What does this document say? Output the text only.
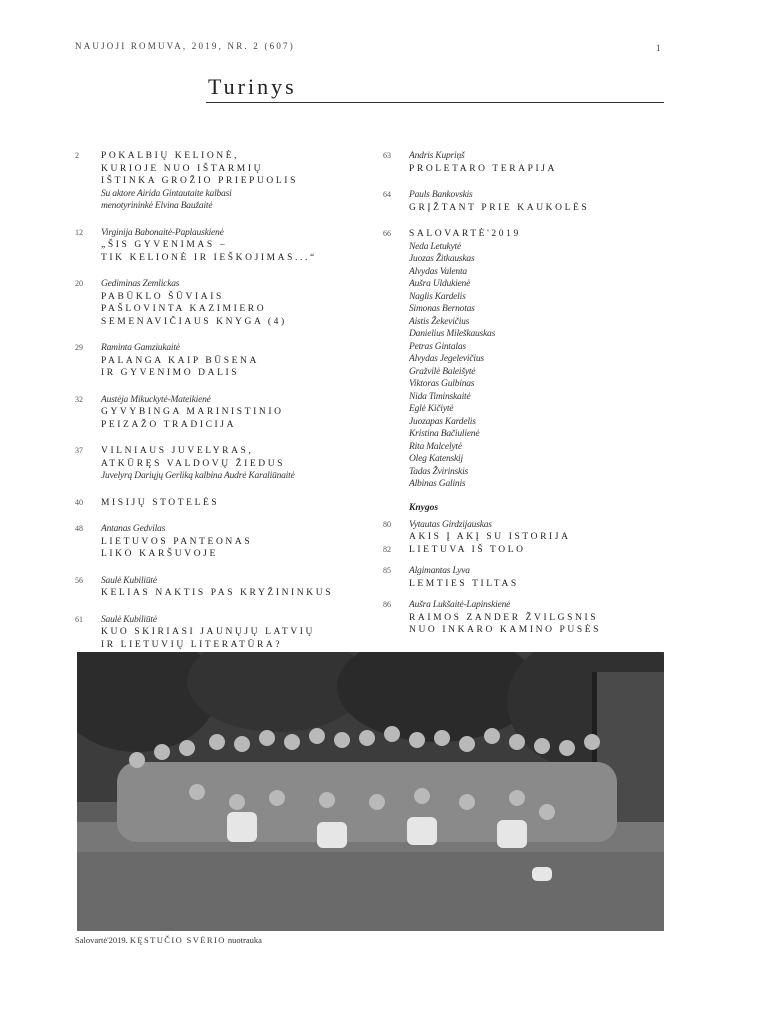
NAUJOJI ROMUVA, 2019, NR. 2 (607)	1
Turinys
2 POKALBIŲ KELIONĖ,
KURIOJE NUO IŠTARMIŲ
IŠTINKA GROŽIO PRIEPUOLIS
Su aktore Airida Gintautaite kalbasi
menotyrininkė Elvina Baužaitė
12 Virginija Babonaitė-Paplauskienė
„ŠIS GYVENIMAS –
TIK KELIONĖ IR IEŠKOJIMAS...“
20 Gediminas Zemlickas
PABŪKLO ŠŪVIAIS
PAŠLOVINTA KAZIMIERO
SEMENAVIČIAUS KNYGA (4)
29 Raminta Gamziukaitė
PALANGA KAIP BŪSENA
IR GYVENIMO DALIS
32 Austėja Mikuckytė-Mateikienė
GYVYBINGA MARINISTINIO
PEIZAŽO TRADICIJA
37 VILNIAUS JUVELYRAS,
ATKŪRĘS VALDOVŲ ŽIEDUS
Juvelyrą Dariųjų Gerliką kalbina Audrė Karaliūnaitė
40 MISIJŲ STOTELĖS
48 Antanas Gedvilas
LIETUVOS PANTEONAS
LIKO KARŠUVOJE
56 Saulė Kubiliūtė
KELIAS NAKTIS PAS KRYŽININKUS
61 Saulė Kubiliūtė
KUO SKIRIASI JAUNŲJŲ LATVIŲ
IR LIETUVIŲ LITERATŪRA?
63 Andris Kupriņš
PROLETARO TERAPIJA
64 Pauls Bankovskis
GRĮŽTANT PRIE KAUKOLĖS
66 SALOVARTĖ'2019
Neda Letukytė
Juozas Žitkauskas
Alvydas Valenta
Aušra Uldukienė
Naglis Kardelis
Simonas Bernotas
Aistis Žekevičius
Danielius Mileškauskas
Petras Gintalas
Alvydas Jegelevičius
Gražvilė Baleišytė
Viktoras Gulbinas
Nida Timinskaitė
Eglė Kičiytė
Juozapas Kardelis
Kristina Bačiulienė
Rita Malcelytė
Oleg Katenskij
Tadas Žvirinskis
Albinas Galinis
Knygos
80 Vytautas Girdzijauskas
AKIS Į AKĮ SU ISTORIJA
82 LIETUVA IŠ TOLO
85 Algimantas Lyva
LEMTIES TILTAS
86 Aušra Lukšaitė-Lapinskienė
RAIMOS ZANDER ŽVILGSNIS
NUO INKARO KAMINO PUSĖS
Salovartė'2019. KĘSTUČIO SVĖRIO nuotrauka
